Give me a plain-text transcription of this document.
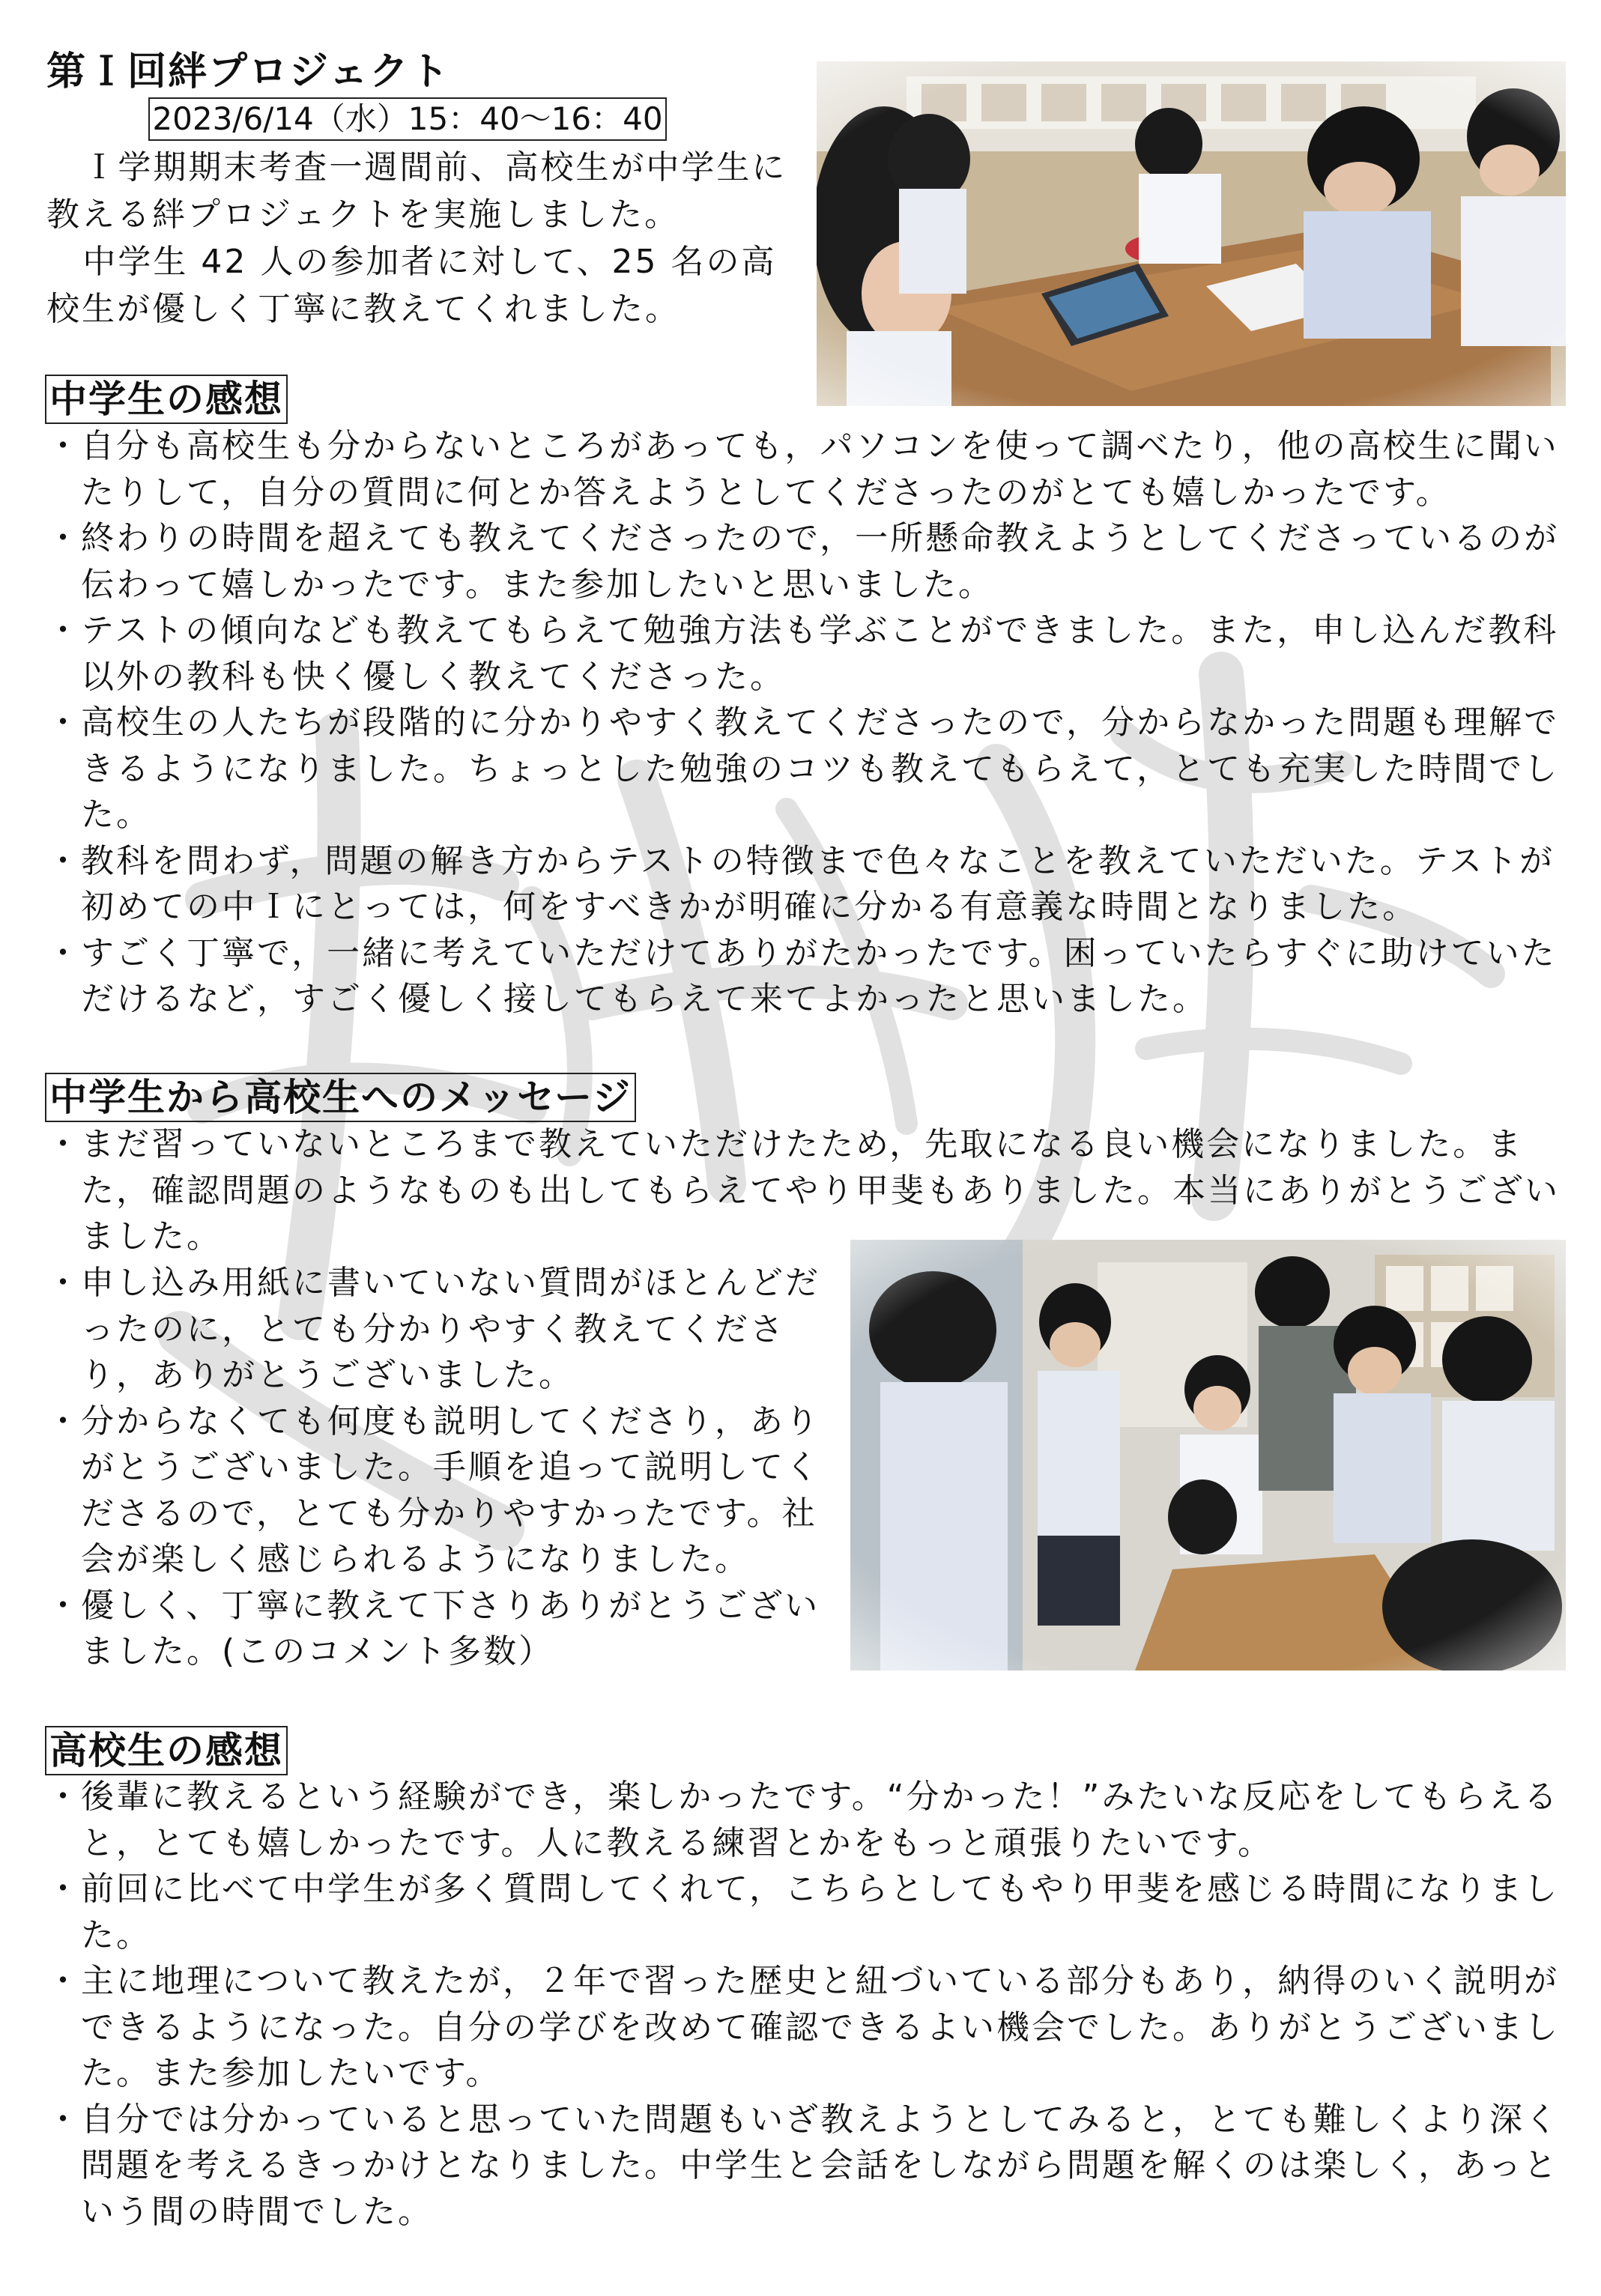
第Ｉ回絆プロジェクト
2023/6/14（水）15：40～16：40

Ｉ学期期末考査一週間前、高校生が中学生に教える絆プロジェクトを実施しました。

中学生 42 人の参加者に対して、25 名の高校生が優しく丁寧に教えてくれました。

中学生の感想
・ 自分も高校生も分からないところがあっても，パソコンを使って調べたり，他の高校生に聞いたりして，自分の質問に何とか答えようとしてくださったのがとても嬉しかったです。
・ 終わりの時間を超えても教えてくださったので，一所懸命教えようとしてくださっているのが伝わって嬉しかったです。また参加したいと思いました。
・ テストの傾向なども教えてもらえて勉強方法も学ぶことができました。また，申し込んだ教科以外の教科も快く優しく教えてくださった。
・ 高校生の人たちが段階的に分かりやすく教えてくださったので，分からなかった問題も理解できるようになりました。ちょっとした勉強のコツも教えてもらえて，とても充実した時間でした。
・ 教科を問わず，問題の解き方からテストの特徴まで色々なことを教えていただいた。テストが初めての中Ｉにとっては，何をすべきかが明確に分かる有意義な時間となりました。
・ すごく丁寧で，一緒に考えていただけてありがたかったです。困っていたらすぐに助けていただけるなど，すごく優しく接してもらえて来てよかったと思いました。
中学生から高校生へのメッセージ
・ まだ習っていないところまで教えていただけたため，先取になる良い機会になりました。また，確認問題のようなものも出してもらえてやり甲斐もありました。本当にありがとうございました。
・ 申し込み用紙に書いていない質問がほとんどだったのに，とても分かりやすく教えてくださり，ありがとうございました。
・ 分からなくても何度も説明してくださり，ありがとうございました。手順を追って説明してくださるので，とても分かりやすかったです。社会が楽しく感じられるようになりました。
・ 優しく、丁寧に教えて下さりありがとうございました。(このコメント多数）
高校生の感想
・ 後輩に教えるという経験ができ，楽しかったです。“分かった！”みたいな反応をしてもらえると，とても嬉しかったです。人に教える練習とかをもっと頑張りたいです。
・ 前回に比べて中学生が多く質問してくれて，こちらとしてもやり甲斐を感じる時間になりました。
・ 主に地理について教えたが，２年で習った歴史と紐づいている部分もあり，納得のいく説明ができるようになった。自分の学びを改めて確認できるよい機会でした。ありがとうございました。また参加したいです。
・ 自分では分かっていると思っていた問題もいざ教えようとしてみると，とても難しくより深く問題を考えるきっかけとなりました。中学生と会話をしながら問題を解くのは楽しく，あっという間の時間でした。
